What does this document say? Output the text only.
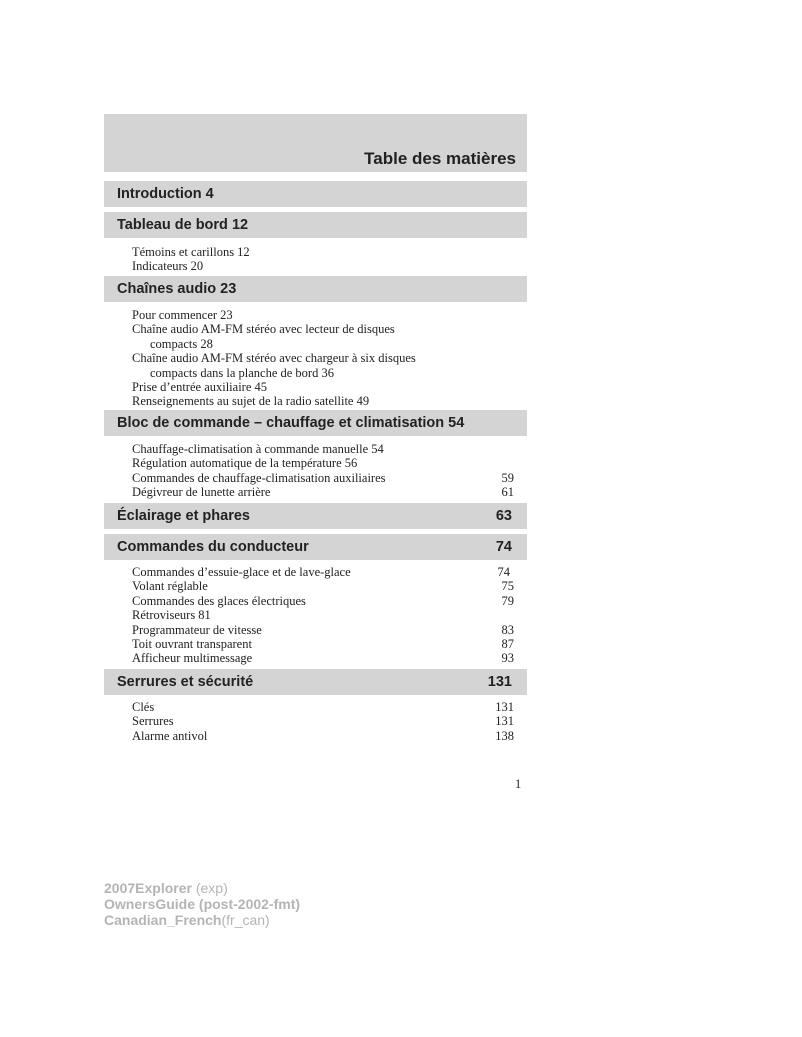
Table des matières
Introduction 4
Tableau de bord 12
Témoins et carillons 12
Indicateurs 20
Chaînes audio 23
Pour commencer 23
Chaîne audio AM-FM stéréo avec lecteur de disques
compacts 28
Chaîne audio AM-FM stéréo avec chargeur à six disques
compacts dans la planche de bord 36
Prise d’entrée auxiliaire 45
Renseignements au sujet de la radio satellite 49
Bloc de commande – chauffage et climatisation 54
Chauffage-climatisation à commande manuelle 54
Régulation automatique de la température 56
Commandes de chauffage-climatisation auxiliaires	59
Dégivreur de lunette arrière	61
Éclairage et phares	63
Commandes du conducteur	74
Commandes d’essuie-glace et de lave-glace	74
Volant réglable	75
Commandes des glaces électriques	79
Rétroviseurs 81
Programmateur de vitesse	83
Toit ouvrant transparent	87
Afficheur multimessage	93
Serrures et sécurité	131
Clés	131
Serrures	131
Alarme antivol	138
1
2007Explorer (exp)
OwnersGuide (post-2002-fmt)
Canadian_French(fr_can)
